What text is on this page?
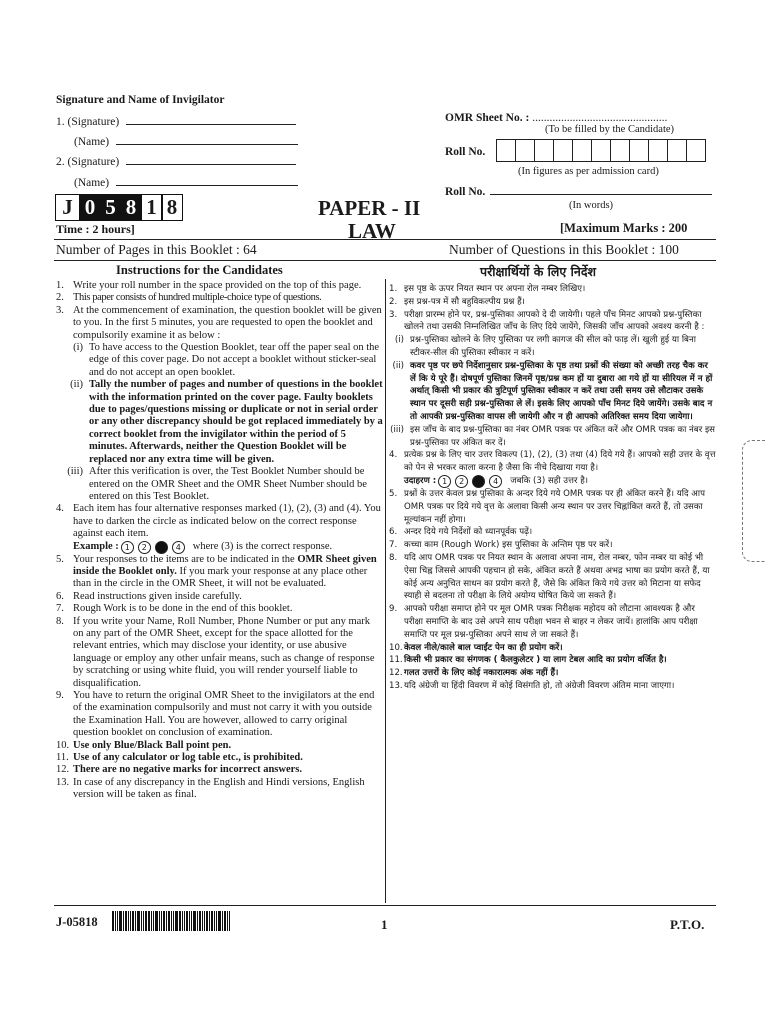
Signature and Name of Invigilator
1. (Signature)
(Name)
2. (Signature)
(Name)
OMR Sheet No. : ...............................................
(To be filled by the Candidate)
Roll No.
(In figures as per admission card)
Roll No.
(In words)
J 0 5 8 1 8
Time : 2 hours]
PAPER - II
LAW	[Maximum Marks : 200
Number of Pages in this Booklet : 64	Number of Questions in this Booklet : 100
Instructions for the Candidates
1. Write your roll number in the space provided on the top of this page.
2. This paper consists of hundred multiple-choice type of questions.
3. At the commencement of examination, the question booklet will be given to you. In the first 5 minutes, you are requested to open the booklet and compulsorily examine it as below :
(i) To have access to the Question Booklet, tear off the paper seal on the edge of this cover page. Do not accept a booklet without sticker-seal and do not accept an open booklet.
(ii) Tally the number of pages and number of questions in the booklet with the information printed on the cover page. Faulty booklets due to pages/questions missing or duplicate or not in serial order or any other discrepancy should be got replaced immediately by a correct booklet from the invigilator within the period of 5 minutes. Afterwards, neither the Question Booklet will be replaced nor any extra time will be given.
(iii) After this verification is over, the Test Booklet Number should be entered on the OMR Sheet and the OMR Sheet Number should be entered on this Test Booklet.
4. Each item has four alternative responses marked (1), (2), (3) and (4). You have to darken the circle as indicated below on the correct response against each item.
Example : 1	2	3	4	where (3) is the correct response.
5. Your responses to the items are to be indicated in the OMR Sheet given inside the Booklet only. If you mark your response at any place other than in the circle in the OMR Sheet, it will not be evaluated.
6. Read instructions given inside carefully.
7. Rough Work is to be done in the end of this booklet.
8. If you write your Name, Roll Number, Phone Number or put any mark on any part of the OMR Sheet, except for the space allotted for the relevant entries, which may disclose your identity, or use abusive language or employ any other unfair means, such as change of response by scratching or using white fluid, you will render yourself liable to disqualification.
9. You have to return the original OMR Sheet to the invigilators at the end of the examination compulsorily and must not carry it with you outside the Examination Hall. You are however, allowed to carry original question booklet on conclusion of examination.
10. Use only Blue/Black Ball point pen.
11. Use of any calculator or log table etc., is prohibited.
12. There are no negative marks for incorrect answers.
13. In case of any discrepancy in the English and Hindi versions, English version will be taken as final.
परीक्षार्थियों के लिए निर्देश
1. इस पृष्ठ के ऊपर नियत स्थान पर अपना रोल नम्बर लिखिए।
2. इस प्रश्न-पत्र में सौ बहुविकल्पीय प्रश्न हैं।
3. परीक्षा प्रारम्भ होने पर, प्रश्न-पुस्तिका आपको दे दी जायेगी। पहले पाँच मिनट आपको प्रश्न-पुस्तिका खोलने तथा उसकी निम्नलिखित जाँच के लिए दिये जायेंगे, जिसकी जाँच आपको अवश्य करनी है :
(i) प्रश्न-पुस्तिका खोलने के लिए पुस्तिका पर लगी कागज की सील को फाड़ लें। खुली हुई या बिना स्टीकर-सील की पुस्तिका स्वीकार न करें।
(ii) कवर पृष्ठ पर छपे निर्देशानुसार प्रश्न-पुस्तिका के पृष्ठ तथा प्रश्नों की संख्या को अच्छी तरह चैक कर लें कि ये पूरे हैं। दोषपूर्ण पुस्तिका जिनमें पृष्ठ/प्रश्न कम हों या दुबारा आ गये हों या सीरियल में न हों अर्थात् किसी भी प्रकार की त्रुटिपूर्ण पुस्तिका स्वीकार न करें तथा उसी समय उसे लौटाकर उसके स्थान पर दूसरी सही प्रश्न-पुस्तिका ले लें। इसके लिए आपको पाँच मिनट दिये जायेंगे। उसके बाद न तो आपकी प्रश्न-पुस्तिका वापस ली जायेगी और न ही आपको अतिरिक्त समय दिया जायेगा।
(iii) इस जाँच के बाद प्रश्न-पुस्तिका का नंबर OMR पत्रक पर अंकित करें और OMR पत्रक का नंबर इस प्रश्न-पुस्तिका पर अंकित कर दें।
4. प्रत्येक प्रश्न के लिए चार उत्तर विकल्प (1), (2), (3) तथा (4) दिये गये हैं। आपको सही उत्तर के वृत्त को पेन से भरकर काला करना है जैसा कि नीचे दिखाया गया है।
उदाहरण : 1	2	3	4	जबकि (3) सही उत्तर है।
5. प्रश्नों के उत्तर केवल प्रश्न पुस्तिका के अन्दर दिये गये OMR पत्रक पर ही अंकित करने हैं। यदि आप OMR पत्रक पर दिये गये वृत्त के अलावा किसी अन्य स्थान पर उत्तर चिह्नांकित करते हैं, तो उसका मूल्यांकन नहीं होगा।
6. अन्दर दिये गये निर्देशों को ध्यानपूर्वक पढ़ें।
7. कच्चा काम (Rough Work) इस पुस्तिका के अन्तिम पृष्ठ पर करें।
8. यदि आप OMR पत्रक पर नियत स्थान के अलावा अपना नाम, रोल नम्बर, फोन नम्बर या कोई भी ऐसा चिह्न जिससे आपकी पहचान हो सके, अंकित करते हैं अथवा अभद्र भाषा का प्रयोग करते हैं, या कोई अन्य अनुचित साधन का प्रयोग करते हैं, जैसे कि अंकित किये गये उत्तर को मिटाना या सफेद स्याही से बदलना तो परीक्षा के लिये अयोग्य घोषित किये जा सकते हैं।
9. आपको परीक्षा समाप्त होने पर मूल OMR पत्रक निरीक्षक महोदय को लौटाना आवश्यक है और परीक्षा समाप्ति के बाद उसे अपने साथ परीक्षा भवन से बाहर न लेकर जायें। हालांकि आप परीक्षा समाप्ति पर मूल प्रश्न-पुस्तिका अपने साथ ले जा सकते हैं।
10. केवल नीले/काले बाल प्वाईंट पेन का ही प्रयोग करें।
11. किसी भी प्रकार का संगणक ( कैलकुलेटर ) या लाग टेबल आदि का प्रयोग वर्जित है।
12. गलत उत्तरों के लिए कोई नकारात्मक अंक नहीं हैं।
13. यदि अंग्रेजी या हिंदी विवरण में कोई विसंगति हो, तो अंग्रेजी विवरण अंतिम माना जाएगा।
J-05818	1	P.T.O.
